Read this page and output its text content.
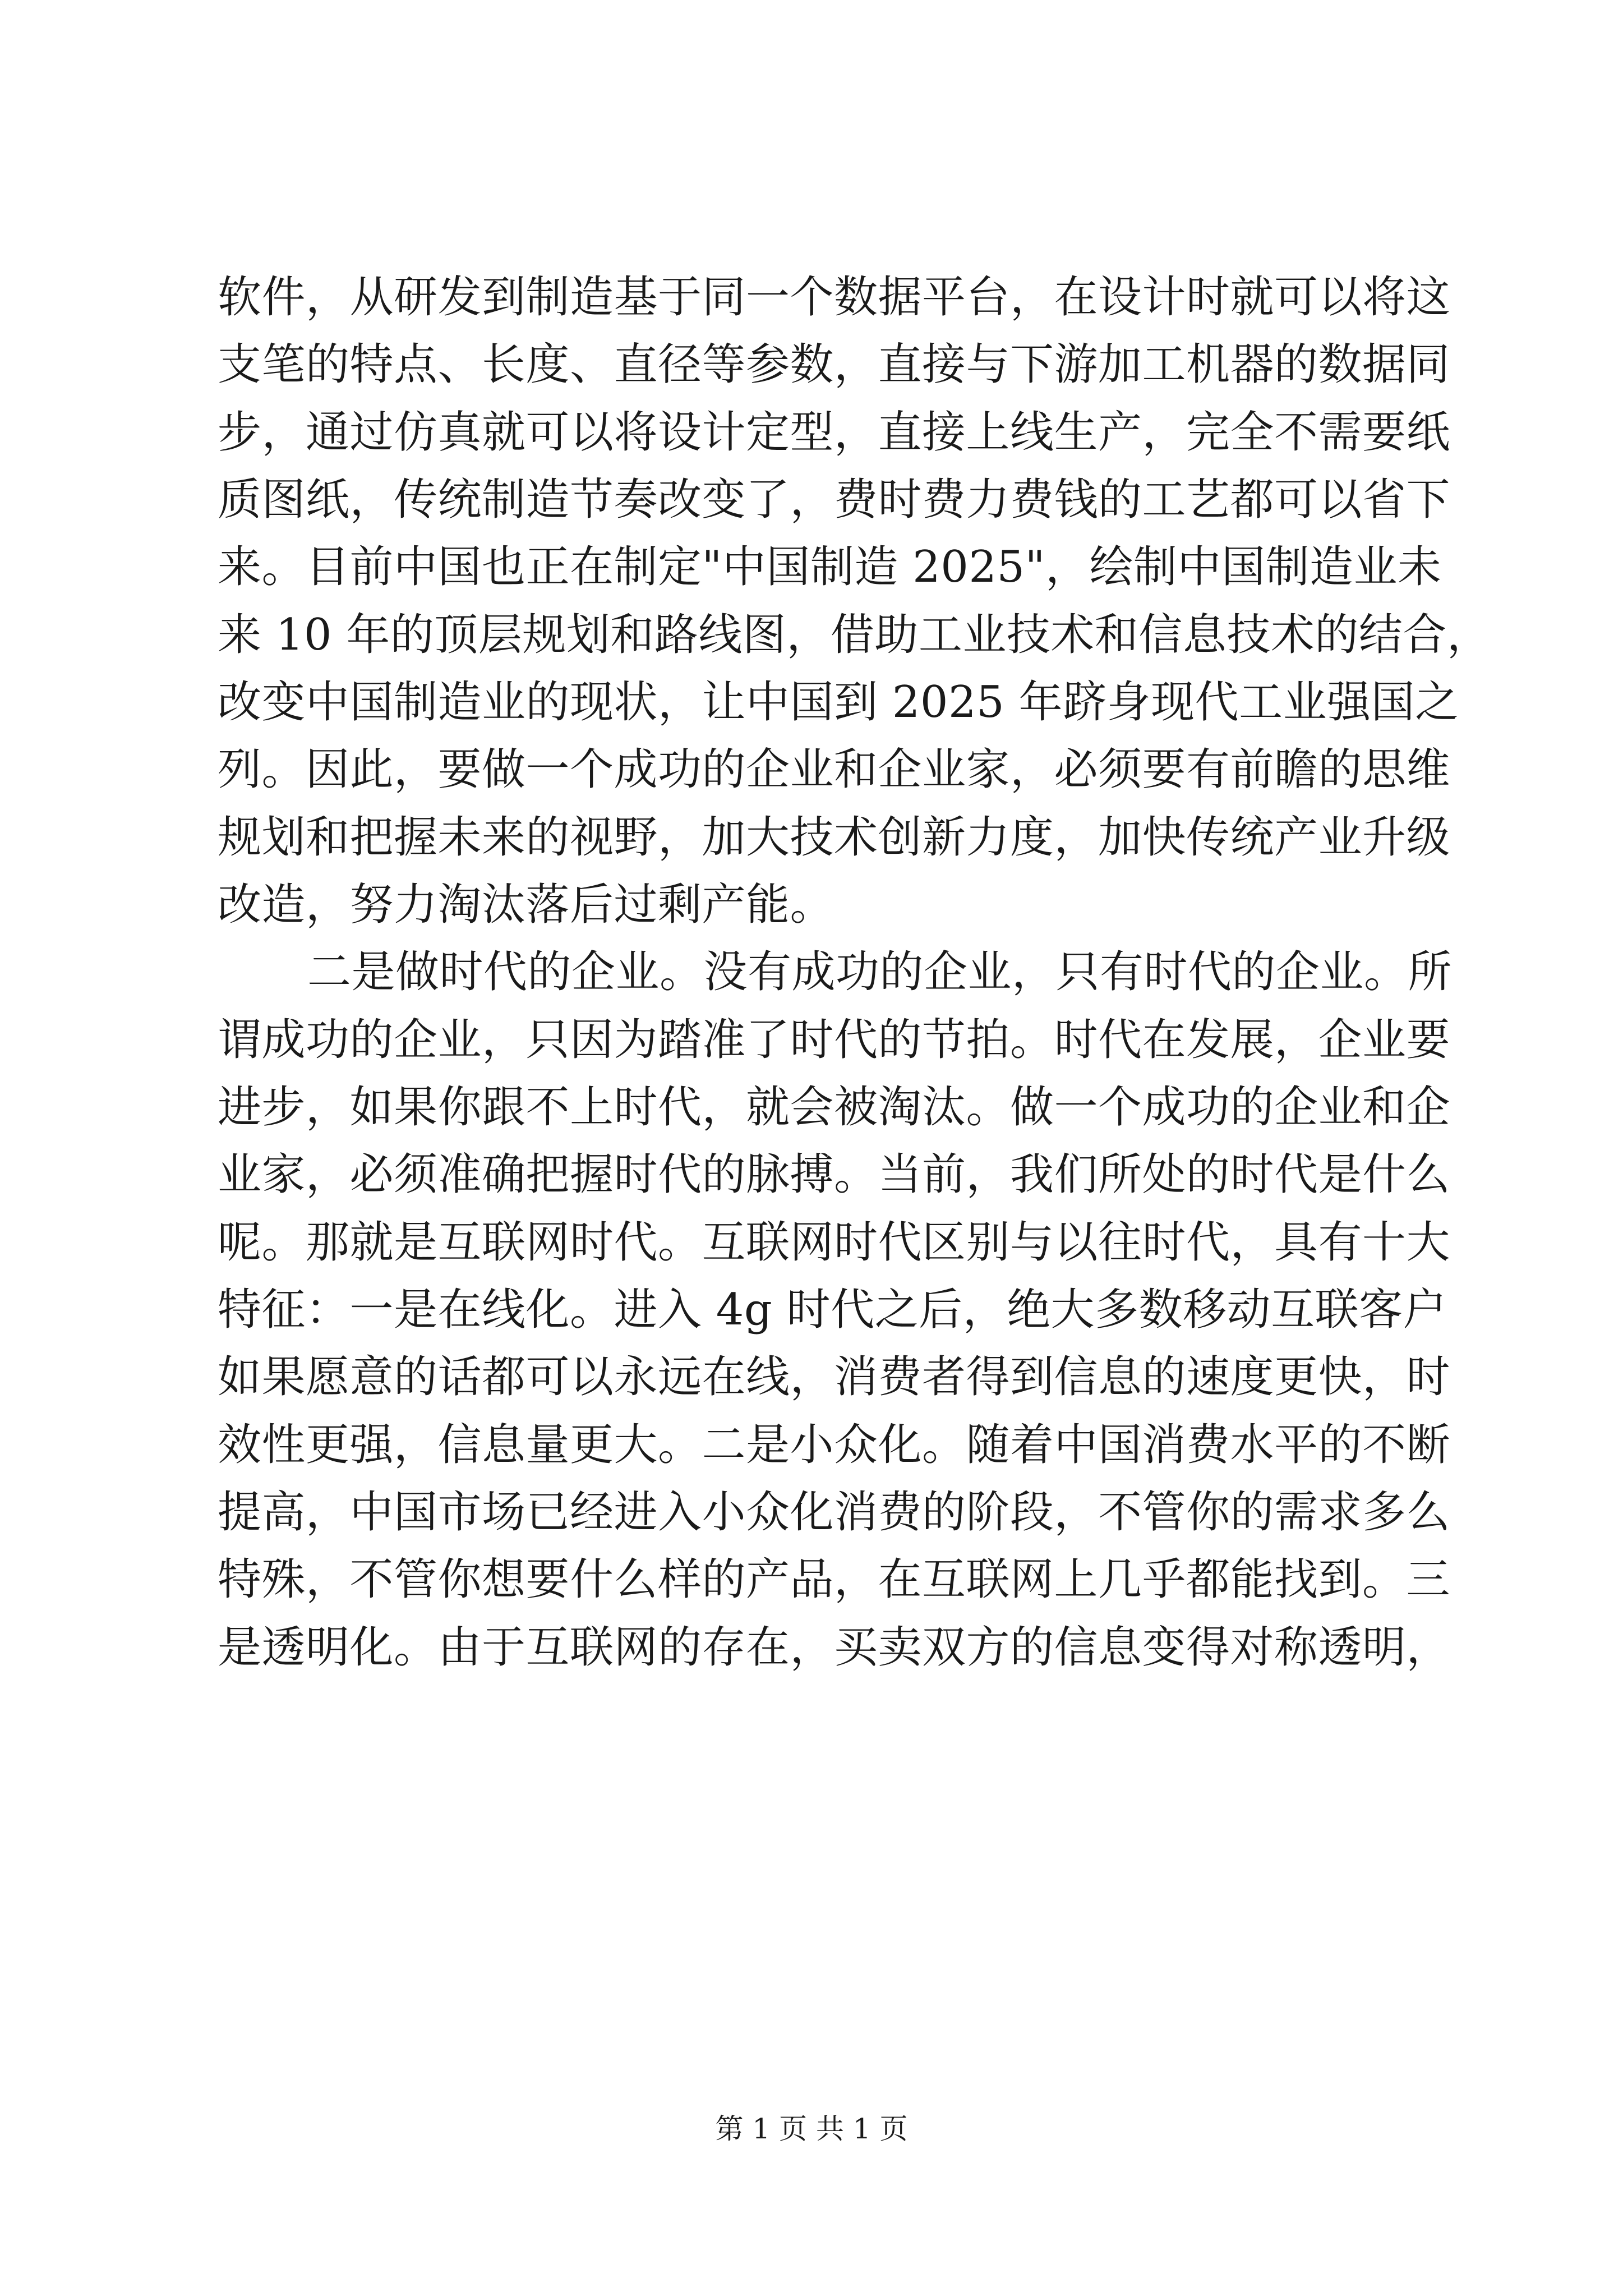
软件，从研发到制造基于同一个数据平台，在设计时就可以将这
支笔的特点、长度、直径等参数，直接与下游加工机器的数据同
步，通过仿真就可以将设计定型，直接上线生产，完全不需要纸
质图纸，传统制造节奏改变了，费时费力费钱的工艺都可以省下
来。目前中国也正在制定"中国制造 2025"，绘制中国制造业未
来 10 年的顶层规划和路线图，借助工业技术和信息技术的结合，
改变中国制造业的现状，让中国到 2025 年跻身现代工业强国之
列。因此，要做一个成功的企业和企业家，必须要有前瞻的思维
规划和把握未来的视野，加大技术创新力度，加快传统产业升级
改造，努力淘汰落后过剩产能。
二是做时代的企业。没有成功的企业，只有时代的企业。所
谓成功的企业，只因为踏准了时代的节拍。时代在发展，企业要
进步，如果你跟不上时代，就会被淘汰。做一个成功的企业和企
业家，必须准确把握时代的脉搏。当前，我们所处的时代是什么
呢。那就是互联网时代。互联网时代区别与以往时代，具有十大
特征：一是在线化。进入 4g 时代之后，绝大多数移动互联客户
如果愿意的话都可以永远在线，消费者得到信息的速度更快，时
效性更强，信息量更大。二是小众化。随着中国消费水平的不断
提高，中国市场已经进入小众化消费的阶段，不管你的需求多么
特殊，不管你想要什么样的产品，在互联网上几乎都能找到。三
是透明化。由于互联网的存在，买卖双方的信息变得对称透明，
第 1 页 共 1 页
